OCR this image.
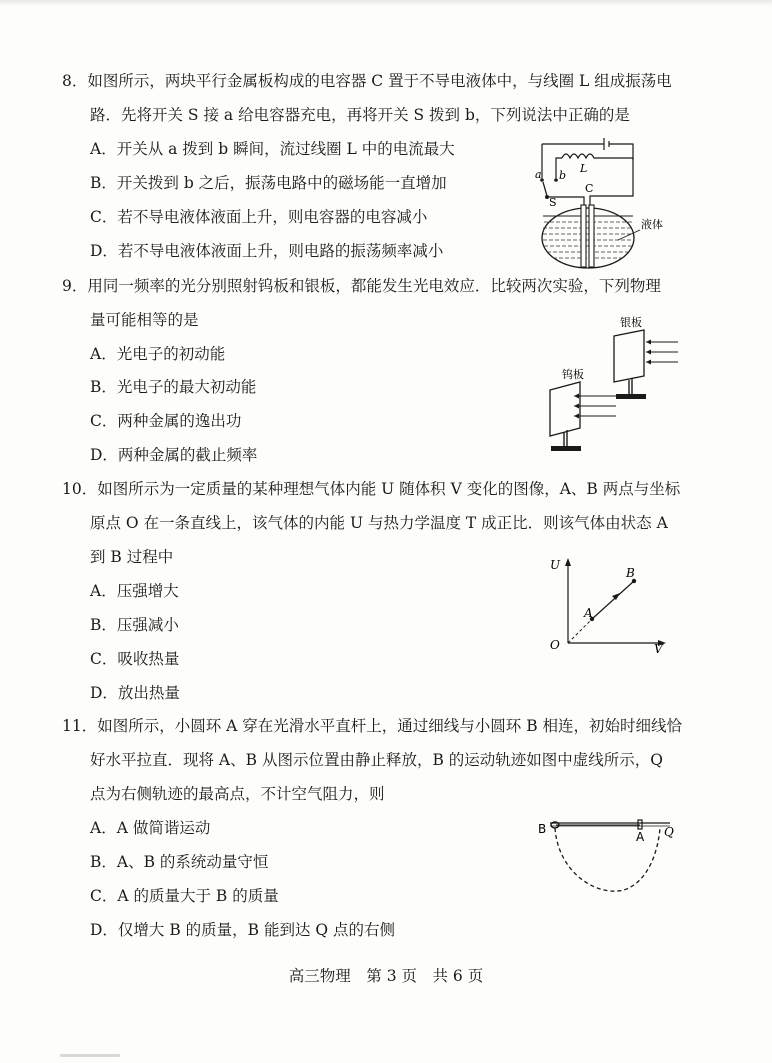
8．如图所示，两块平行金属板构成的电容器 C 置于不导电液体中，与线圈 L 组成振荡电
路．先将开关 S 接 a 给电容器充电，再将开关 S 拨到 b，下列说法中正确的是
A．开关从 a 拨到 b 瞬间，流过线圈 L 中的电流最大
B．开关拨到 b 之后，振荡电路中的磁场能一直增加
C．若不导电液体液面上升，则电容器的电容减小
D．若不导电液体液面上升，则电路的振荡频率减小
a b
L
S
C
液体
9．用同一频率的光分别照射钨板和银板，都能发生光电效应．比较两次实验，下列物理
量可能相等的是
A．光电子的初动能
B．光电子的最大初动能
C．两种金属的逸出功
D．两种金属的截止频率
银板
钨板
10．如图所示为一定质量的某种理想气体内能 U 随体积 V 变化的图像，A、B 两点与坐标
原点 O 在一条直线上，该气体的内能 U 与热力学温度 T 成正比．则该气体由状态 A
到 B 过程中
A．压强增大
B．压强减小
C．吸收热量
D．放出热量
U
V
O
A
B
11．如图所示，小圆环 A 穿在光滑水平直杆上，通过细线与小圆环 B 相连，初始时细线恰
好水平拉直．现将 A、B 从图示位置由静止释放，B 的运动轨迹如图中虚线所示，Q
点为右侧轨迹的最高点，不计空气阻力，则
A．A 做简谐运动
B．A、B 的系统动量守恒
C．A 的质量大于 B 的质量
D．仅增大 B 的质量，B 能到达 Q 点的右侧
B
A Q
高三物理　第 3 页　共 6 页
